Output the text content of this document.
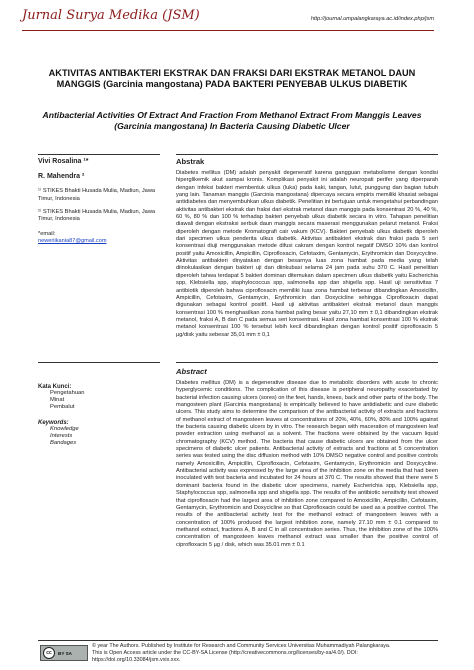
Jurnal Surya Medika (JSM)	http://journal.umpalangkaraya.ac.id/index.php/jsm
AKTIVITAS ANTIBAKTERI EKSTRAK DAN FRAKSI DARI EKSTRAK METANOL DAUN MANGGIS (Garcinia mangostana) PADA BAKTERI PENYEBAB ULKUS DIABETIK
Antibacterial Activities Of Extract And Fraction From Methanol Extract From Manggis Leaves (Garcinia mangostana) In Bacteria Causing Diabetic Ulcer
Vivi Rosalina ¹*
R. Mahendra ²
¹⁾ STIKES Bhakti Husada Mulia, Madiun, Jawa Timur, Indonesia
²⁾ STIKES Bhakti Husada Mulia, Madiun, Jawa Timur, Indonesia
*email:
neweriikania87@gmail.com
Kata Kunci:
Pengetahuan
Minat
Pembalut
Keywords:
Knowledge
Interests
Bandages
Abstrak
Diabetes mellitus (DM) adalah penyakit degeneratif karena gangguan metabolisme dengan kondisi hiperglikemik akut sampai kronis. Komplikasi penyakit ini adalah neuropati perifer yang diperparah dengan infeksi bakteri membentuk ulkus (luka) pada kaki, tangan, lutut, punggung dan bagian tubuh yang lain. Tanaman manggis (Garcinia mangostana) dipercaya secara empiris memiliki khasiat sebagai antidiabetes dan menyembuhkan ulkus diabetik. Penelitian ini bertujuan untuk mengetahui perbandingan aktivitas antibakteri ekstrak dan fraksi dari ekstrak metanol daun manggis pada konsentrasi 20 %, 40 %, 60 %, 80 % dan 100 % terhadap bakteri penyebab ulkus diabetik secara in vitro. Tahapan penelitian diawali dengan ekstraksi serbuk daun manggis secara maserasi menggunakan pelarut metanol. Fraksi diperoleh dengan metode Kromatografi cair vakum (KCV). Bakteri penyebab ulkus diabetik diperoleh dari specimen ulkus penderita ulkus diabetik. Aktivitas antibakteri ekstrak dan fraksi pada 5 seri konsentrasi diuji menggunakan metode difusi cakram dengan kontrol negatif DMSO 10% dan kontrol positif yaitu Amoxicillin, Ampicillin, Ciprofloxacin, Cefotaxim, Gentamycin, Erythromicin dan Doxycycline. Aktivitas antibakteri dinyatakan dengan besarnya luas zona hambat pada media yang telah diinokulasikan dengan bakteri uji dan diinkubasi selama 24 jam pada suhu 370 C. Hasil penelitian diperoleh tahwa terdapat 5 bakteri dominan ditemukan dalam specimen ulkus diabetik yaitu Escherichia spp, Klebsiella spp, staphylococcus spp, salmonella spp dan shigella spp. Hasil uji sensitivitas 7 antibiotik diperoleh bahwa ciprofloxacin memiliki luas zona hambat terbesar dibandingkan Amoxicillin, Ampicillin, Cefotaxim, Gentamycin, Erythromicin dan Doxycicline sehingga Ciprofloxacin dapat digunakan sebagai kontrol positif. Hasil uji aktivitas antibakteri ekstrak metanol daun manggis konsentrasi 100 % menghasilkan zona hambat paling besar yaitu 27,10 mm ± 0,1 dibandingkan ekstrak metanol, fraksi A, B dan C pada semua seri konsentrasi. Hasil zona hambat konsentrasi 100 % ekstrak metanol konsentrasi 100 % tersebut lebih kecil dibandingkan dengan kontrol positif ciprofloxacin 5 µg/disk yaitu sebesar 35,01 mm ± 0,1
Abstract
Diabetes mellitus (DM) is a degenerative disease due to metabolic disorders with acute to chronic hyperglycemic conditions. The complication of this disease is peripheral neuropathy exacerbated by bacterial infection causing ulcers (sores) on the feet, hands, knees, back and other parts of the body. The mangosteen plant (Garcinia mangostana) is empirically believed to have antidiabetic and cure diabetic ulcers. This study aims to determine the comparison of the antibacterial activity of extracts and fractions of methanol extract of mangosteen leaves at concentrations of 20%, 40%, 60%, 80% and 100% against the bacteria causing diabetic ulcers by in vitro. The research began with maceration of mangosteen leaf powder extraction using methanol as a solvent. The fractions were obtained by the vacuum liquid chromatography (KCV) method. The bacteria that cause diabetic ulcers are obtained from the ulcer specimens of diabetic ulcer patients. Antibacterial activity of extracts and fractions at 5 concentration series was tested using the disc diffusion method with 10% DMSO negative control and positive controls namely Amoxicillin, Ampicillin, Ciprofloxacin, Cefotaxim, Gentamycin, Erythromicin and Doxycycline. Antibacterial activity was expressed by the large area of the inhibition zone on the media that had been inoculated with test bacteria and incubated for 24 hours at 370 C. The results showed that there were 5 dominant bacteria found in the diabetic ulcer specimens, namely Escherichia spp, Klebsiella spp, Staphylococcus spp, salmonella spp and shigella spp. The results of the antibiotic sensitivity test showed that ciprofloxacin had the largest area of inhibition zone compared to Amoxicillin, Ampicillin, Cefotaxim, Gentamycin, Erythromicin and Doxycicline so that Ciprofloxacin could be used as a positive control. The results of the antibacterial activity test for the methanol extract of mangosteen leaves with a concentration of 100% produced the largest inhibition zone, namely 27.10 mm ± 0.1 compared to methanol extract, fractions A, B and C in all concentration series. Thus, the inhibition zone of the 100% concentration of mangosteen leaves methanol extract was smaller than the positive control of ciprofloxacin 5 µg / disk, which was 35.01 mm ± 0.1
cc	BY SA
© year The Authors. Published by Institute for Research and Community Services Universitas Muhammadiyah Palangkaraya.
This is Open Access article under the CC-BY-SA License (http://creativecommons.org/licenses/by-sa/4.0/). DOI:
https://doi.org/10.33084/jsm.vxix.xxx.
